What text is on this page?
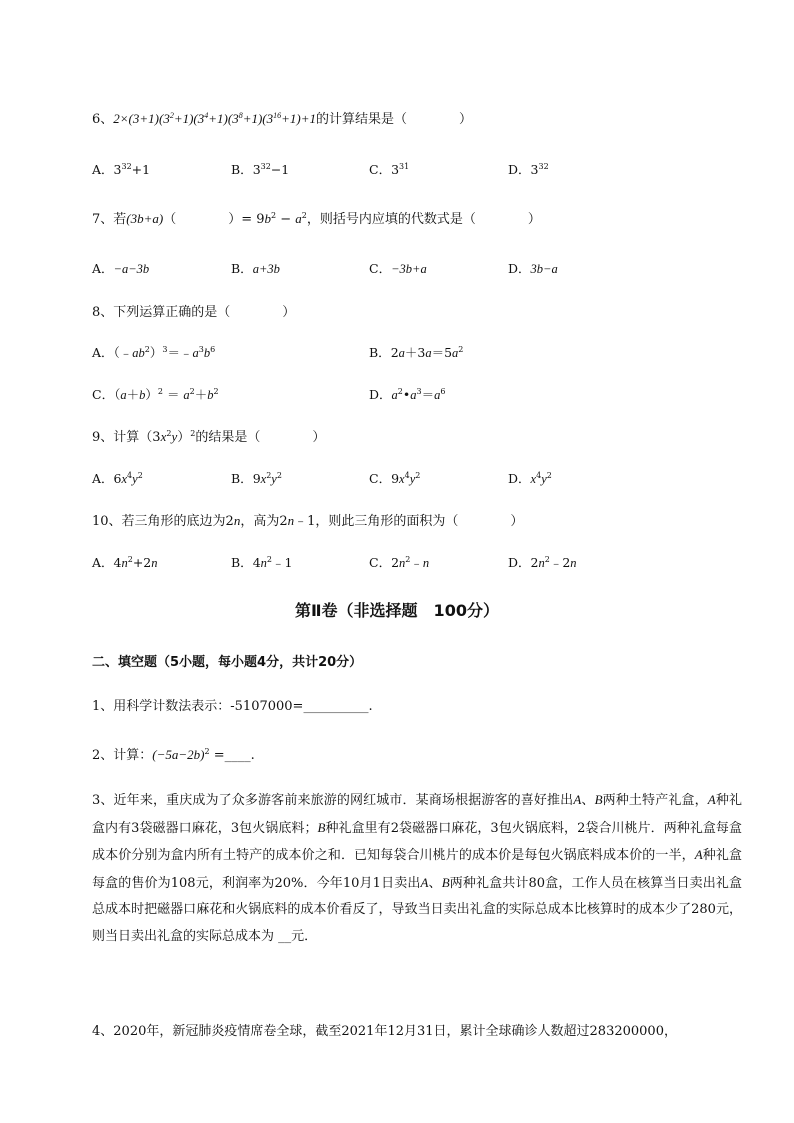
6、$2\times(3+1)(3^2+1)(3^4+1)(3^8+1)(3^{16}+1)+1$的计算结果是（　　　　）
A．$3^{32}+1$	B．$3^{32}-1$	C．$3^{31}$	D．$3^{32}$
7、若(3b+a)（　　　　）= $9b^2 - a^2$，则括号内应填的代数式是（　　　　）
A．−a−3b	B．a+3b	C．−3b+a	D．3b−a
8、下列运算正确的是（　　　　）
A．$(﹣ab^2)^3=﹣a^3b^6$	B．$2a+3a=5a^2$
C．$(a+b)^2 = a^2+b^2$	D．$a^2•a^3=a^6$
9、计算$(3x^2y)^2$的结果是（　　　　）
A．$6x^4y^2$	B．$9x^2y^2$	C．$9x^4y^2$	D．$x^4y^2$
10、若三角形的底边为2n，高为2n﹣1，则此三角形的面积为（　　　　）
A．$4n^2+2n$	B．$4n^2﹣1$	C．$2n^2﹣n$	D．$2n^2﹣2n$
第Ⅱ卷（非选择题　100分）
二、填空题（5小题，每小题4分，共计20分）
1、用科学计数法表示：-5107000=__________.
2、计算：$(-5a-2b)^2$ =____.
3、近年来，重庆成为了众多游客前来旅游的网红城市．某商场根据游客的喜好推出A、B两种土特产礼盒，A种礼盒内有3袋磁器口麻花，3包火锅底料；B种礼盒里有2袋磁器口麻花，3包火锅底料，2袋合川桃片．两种礼盒每盒成本价分别为盒内所有土特产的成本价之和．已知每袋合川桃片的成本价是每包火锅底料成本价的一半，A种礼盒每盒的售价为108元，利润率为20%．今年10月1日卖出A、B两种礼盒共计80盒，工作人员在核算当日卖出礼盒总成本时把磁器口麻花和火锅底料的成本价看反了，导致当日卖出礼盒的实际总成本比核算时的成本少了280元，则当日卖出礼盒的实际总成本为 __元．
4、2020年，新冠肺炎疫情席卷全球，截至2021年12月31日，累计全球确诊人数超过283200000，
